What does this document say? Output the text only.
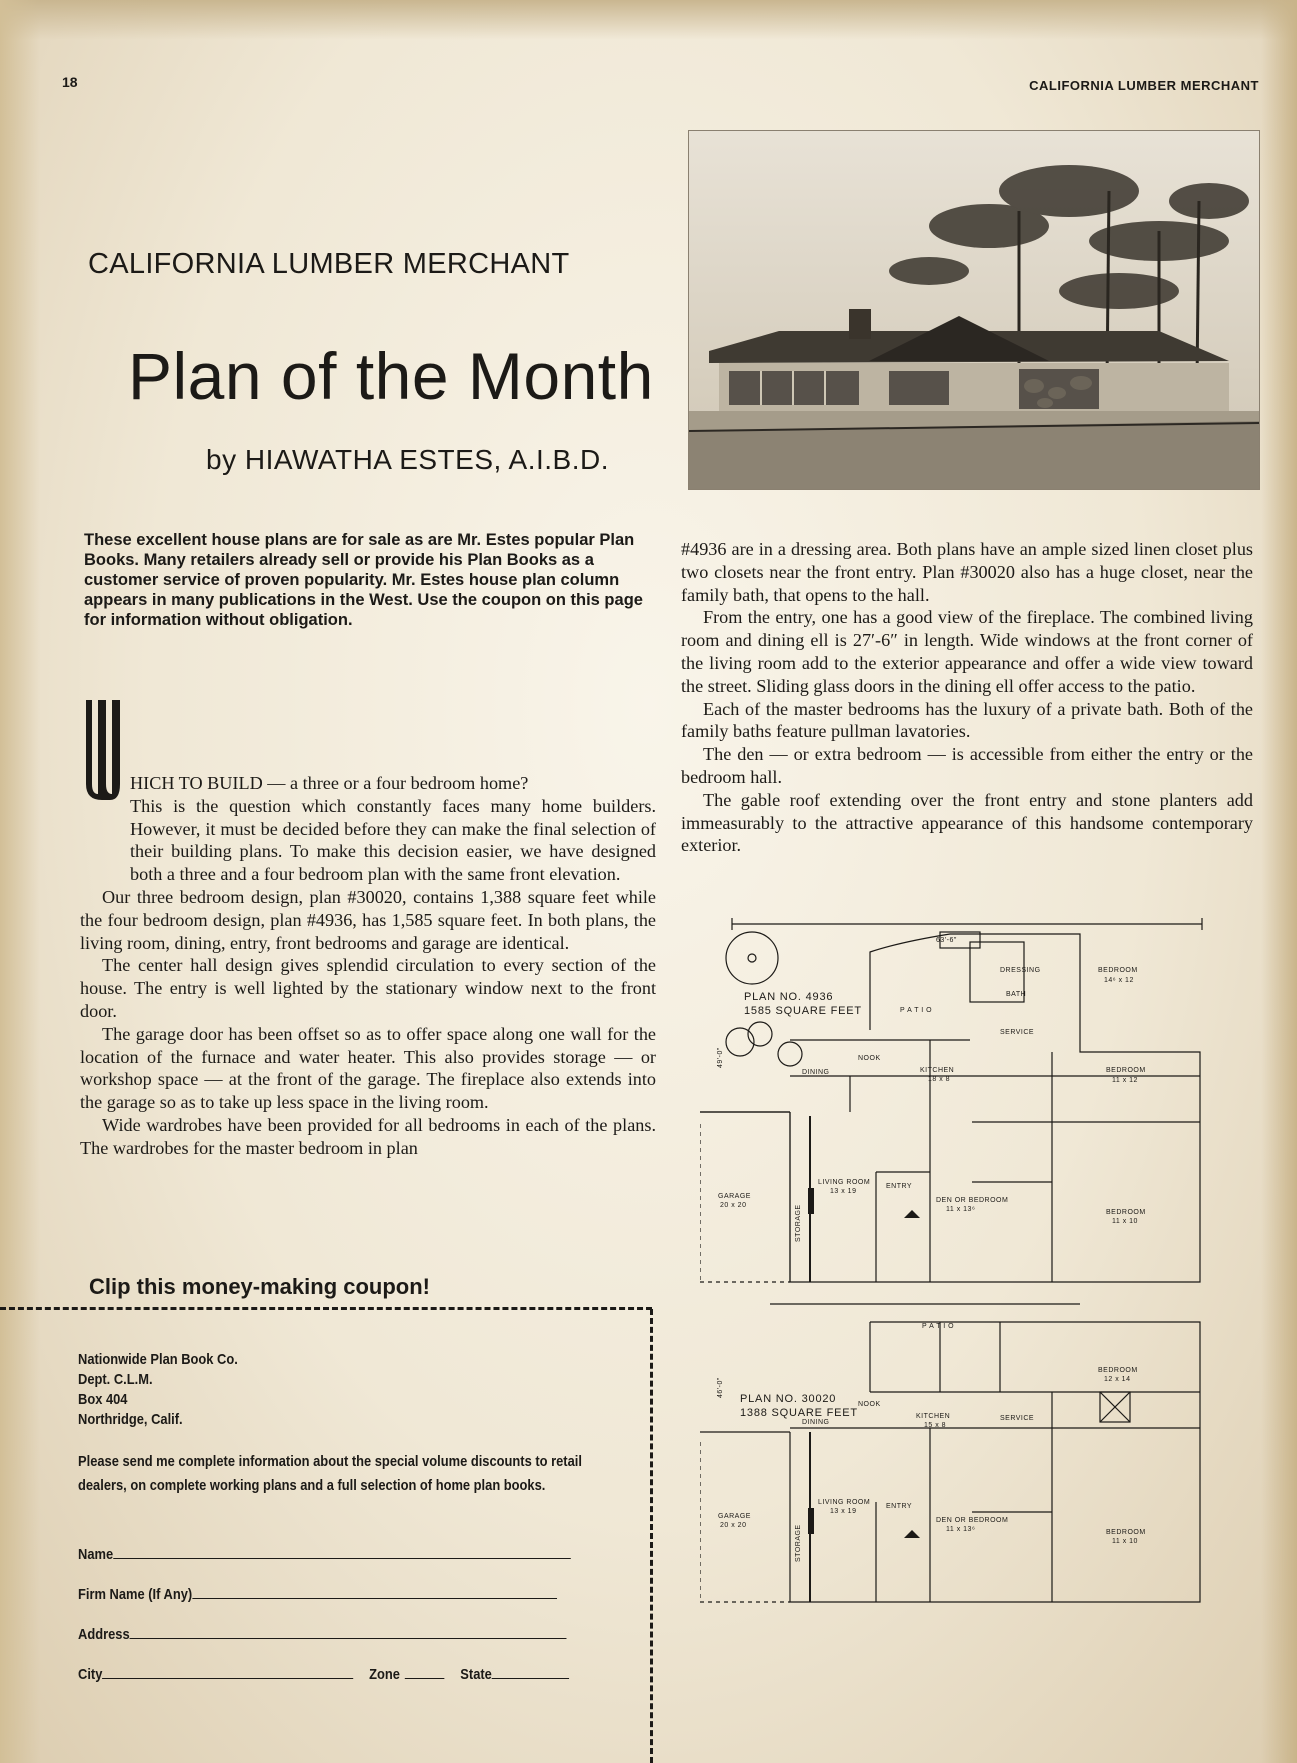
18	CALIFORNIA LUMBER MERCHANT
CALIFORNIA LUMBER MERCHANT
Plan of the Month
by HIAWATHA ESTES, A.I.B.D.
These excellent house plans are for sale as are Mr. Estes popular Plan Books. Many retailers already sell or provide his Plan Books as a customer service of proven popularity. Mr. Estes house plan column appears in many publications in the West. Use the coupon on this page for information without obligation.

HICH TO BUILD — a three or a four bedroom home?

This is the question which constantly faces many home builders. However, it must be decided before they can make the final selection of their building plans. To make this decision easier, we have designed both a three and a four bedroom plan with the same front elevation.

Our three bedroom design, plan #30020, contains 1,388 square feet while the four bedroom design, plan #4936, has 1,585 square feet. In both plans, the living room, dining, entry, front bedrooms and garage are identical.

The center hall design gives splendid circulation to every section of the house. The entry is well lighted by the stationary window next to the front door.

The garage door has been offset so as to offer space along one wall for the location of the furnace and water heater. This also provides storage — or workshop space — at the front of the garage. The fireplace also extends into the garage so as to take up less space in the living room.

Wide wardrobes have been provided for all bedrooms in each of the plans. The wardrobes for the master bedroom in plan

#4936 are in a dressing area. Both plans have an ample sized linen closet plus two closets near the front entry. Plan #30020 also has a huge closet, near the family bath, that opens to the hall.

From the entry, one has a good view of the fireplace. The combined living room and dining ell is 27′-6″ in length. Wide windows at the front corner of the living room add to the exterior appearance and offer a wide view toward the street. Sliding glass doors in the dining ell offer access to the patio.

Each of the master bedrooms has the luxury of a private bath. Both of the family baths feature pullman lavatories.

The den — or extra bedroom — is accessible from either the entry or the bedroom hall.

The gable roof extending over the front entry and stone planters add immeasurably to the attractive appearance of this handsome contemporary exterior.

Clip this money-making coupon!
Nationwide Plan Book Co.
Dept. C.L.M.
Box 404
Northridge, Calif.
Please send me complete information about the special volume discounts to retail dealers, on complete working plans and a full selection of home plan books.
Name
Firm Name (If Any)
Address
City	Zone	State
63'-6"
PLAN NO. 4936
1585 SQUARE FEET	P A T I O
BEDROOM
14⁶ x 12
DRESSING
BATH
SERVICE
BEDROOM
11 x 12
DINING
NOOK
KITCHEN
18 x 8
LIVING ROOM
13 x 19
ENTRY
DEN OR BEDROOM
11 x 13⁶	BEDROOM
11 x 10
GARAGE
20 x 20	STORAGE
49'-0"
PLAN NO. 30020
1388 SQUARE FEET
P A T I O
BEDROOM
12 x 14
DINING
NOOK
KITCHEN
15 x 8
SERVICE
LIVING ROOM
13 x 19
ENTRY
DEN OR BEDROOM
11 x 13⁶	BEDROOM
11 x 10
GARAGE
20 x 20	STORAGE
46'-0"
